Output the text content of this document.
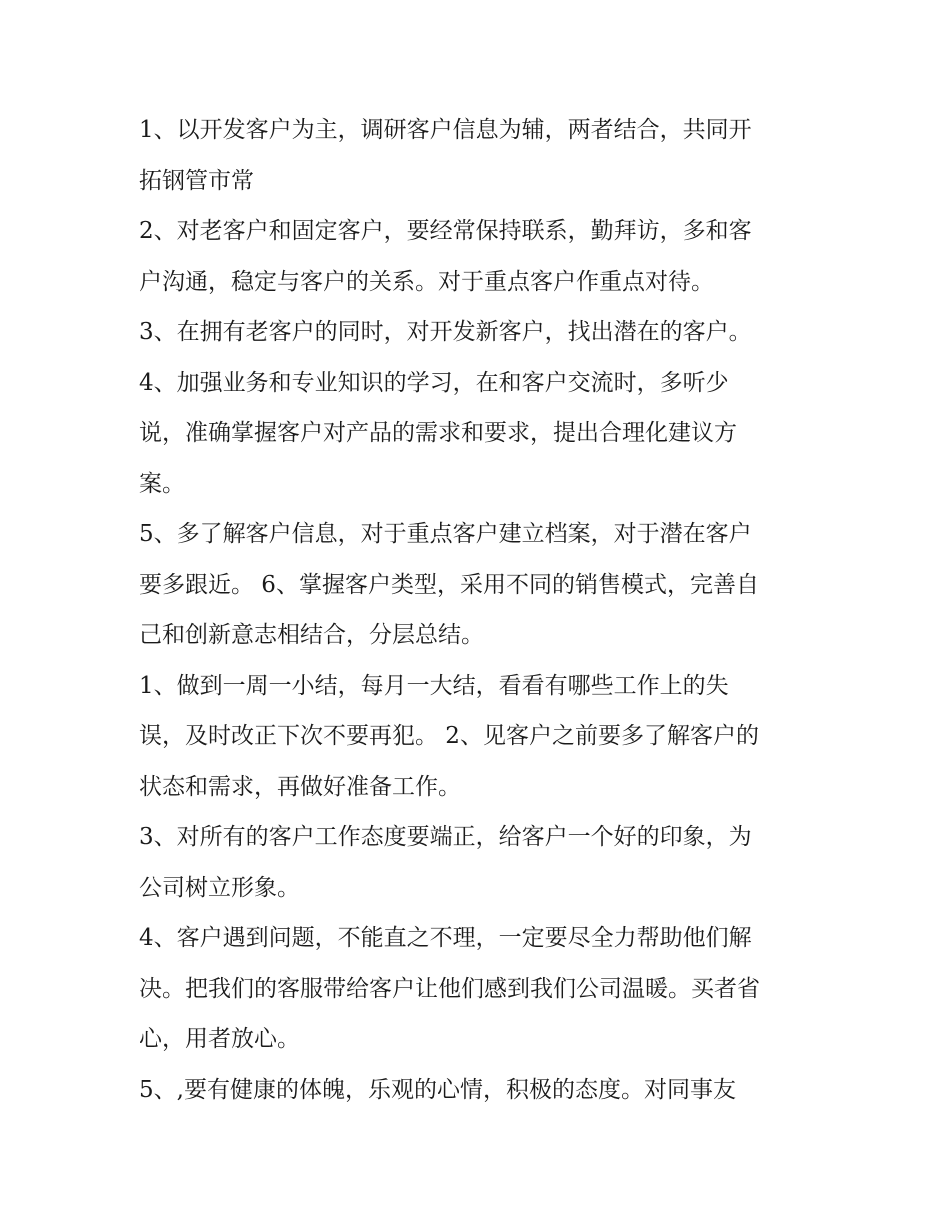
1、以开发客户为主，调研客户信息为辅，两者结合，共同开
拓钢管市常
2、对老客户和固定客户，要经常保持联系，勤拜访，多和客
户沟通，稳定与客户的关系。对于重点客户作重点对待。
3、在拥有老客户的同时，对开发新客户，找出潜在的客户。
4、加强业务和专业知识的学习，在和客户交流时，多听少
说，准确掌握客户对产品的需求和要求，提出合理化建议方
案。
5、多了解客户信息，对于重点客户建立档案，对于潜在客户
要多跟近。 6、掌握客户类型，采用不同的销售模式，完善自
己和创新意志相结合，分层总结。
1、做到一周一小结，每月一大结，看看有哪些工作上的失
误，及时改正下次不要再犯。 2、见客户之前要多了解客户的
状态和需求，再做好准备工作。
3、对所有的客户工作态度要端正，给客户一个好的印象，为
公司树立形象。
4、客户遇到问题，不能直之不理，一定要尽全力帮助他们解
决。把我们的客服带给客户让他们感到我们公司温暖。买者省
心，用者放心。
5、,要有健康的体魄，乐观的心情，积极的态度。对同事友
